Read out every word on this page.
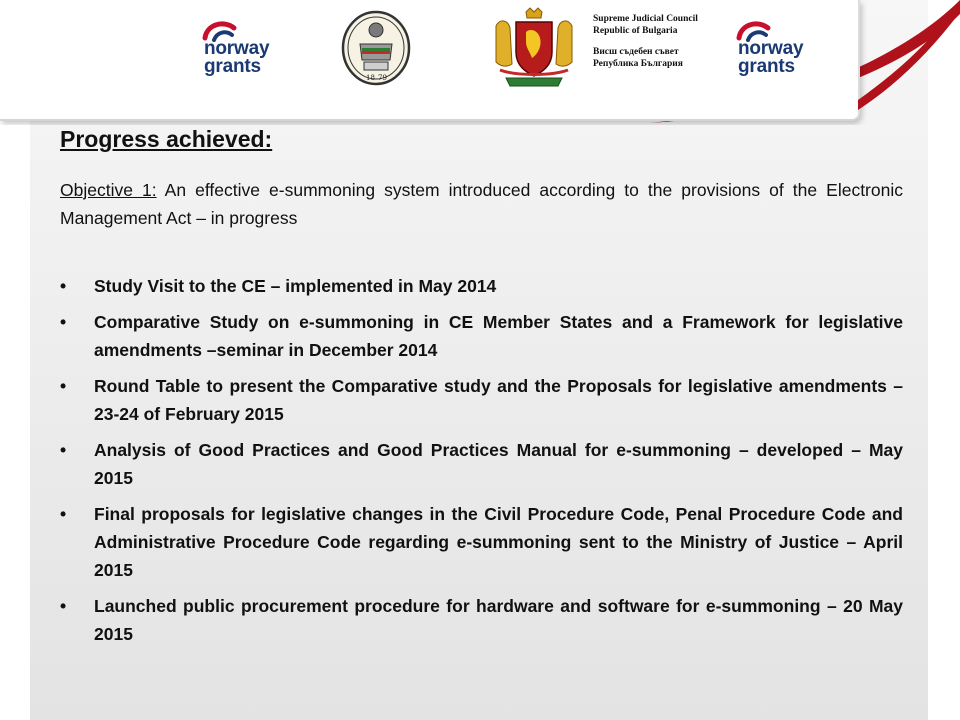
norway
grants
18 79
Supreme Judicial Council
Republic of Bulgaria
Висш съдебен съвет
Република България
norway
grants
Progress achieved:

Objective 1: An effective e-summoning system introduced according to the provisions of the Electronic Management Act – in progress

• Study Visit to the CE – implemented in May 2014
• Comparative Study on e-summoning in CE Member States and a Framework for legislative amendments –seminar in December 2014
• Round Table to present the Comparative study and the Proposals for legislative amendments – 23-24 of February 2015
• Analysis of Good Practices and Good Practices Manual for e-summoning – developed – May 2015
• Final proposals for legislative changes in the Civil Procedure Code, Penal Procedure Code and Administrative Procedure Code regarding e-summoning sent to the Ministry of Justice – April 2015
• Launched public procurement procedure for hardware and software for e-summoning – 20 May 2015
